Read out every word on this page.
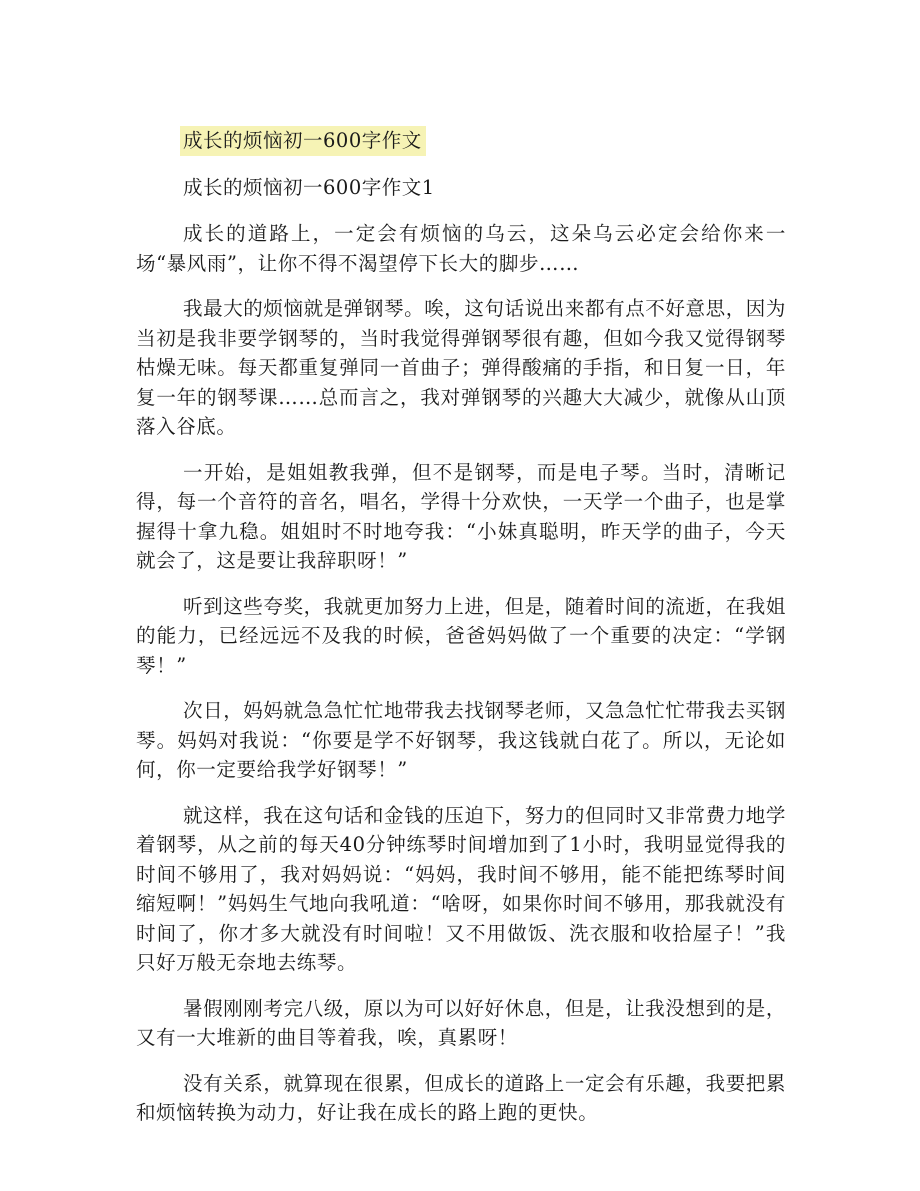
成长的烦恼初一600字作文
成长的烦恼初一600字作文1

成长的道路上，一定会有烦恼的乌云，这朵乌云必定会给你来一场“暴风雨”，让你不得不渴望停下长大的脚步……

我最大的烦恼就是弹钢琴。唉，这句话说出来都有点不好意思，因为当初是我非要学钢琴的，当时我觉得弹钢琴很有趣，但如今我又觉得钢琴枯燥无味。每天都重复弹同一首曲子；弹得酸痛的手指，和日复一日，年复一年的钢琴课……总而言之，我对弹钢琴的兴趣大大减少，就像从山顶落入谷底。

一开始，是姐姐教我弹，但不是钢琴，而是电子琴。当时，清晰记得，每一个音符的音名，唱名，学得十分欢快，一天学一个曲子，也是掌握得十拿九稳。姐姐时不时地夸我：“小妹真聪明，昨天学的曲子，今天就会了，这是要让我辞职呀！”

听到这些夸奖，我就更加努力上进，但是，随着时间的流逝，在我姐的能力，已经远远不及我的时候，爸爸妈妈做了一个重要的决定：“学钢琴！”

次日，妈妈就急急忙忙地带我去找钢琴老师，又急急忙忙带我去买钢琴。妈妈对我说：“你要是学不好钢琴，我这钱就白花了。所以，无论如何，你一定要给我学好钢琴！”

就这样，我在这句话和金钱的压迫下，努力的但同时又非常费力地学着钢琴，从之前的每天40分钟练琴时间增加到了1小时，我明显觉得我的时间不够用了，我对妈妈说：“妈妈，我时间不够用，能不能把练琴时间缩短啊！”妈妈生气地向我吼道：“啥呀，如果你时间不够用，那我就没有时间了，你才多大就没有时间啦！又不用做饭、洗衣服和收拾屋子！”我只好万般无奈地去练琴。

暑假刚刚考完八级，原以为可以好好休息，但是，让我没想到的是，又有一大堆新的曲目等着我，唉，真累呀！

没有关系，就算现在很累，但成长的道路上一定会有乐趣，我要把累和烦恼转换为动力，好让我在成长的路上跑的更快。
